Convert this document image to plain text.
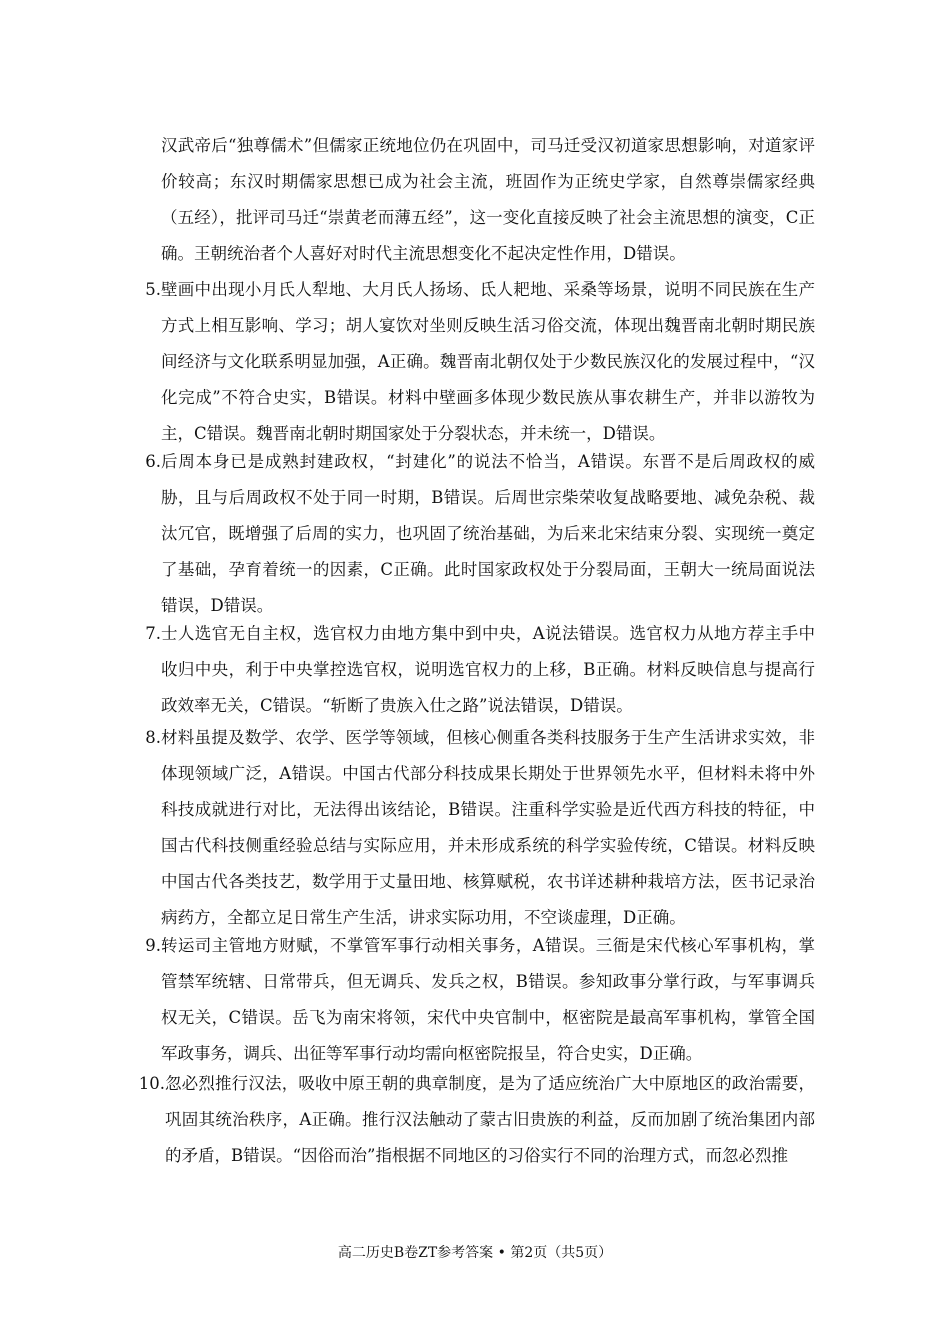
汉武帝后“独尊儒术”但儒家正统地位仍在巩固中，司马迁受汉初道家思想影响，对道家评价较高；东汉时期儒家思想已成为社会主流，班固作为正统史学家，自然尊崇儒家经典（五经），批评司马迁“崇黄老而薄五经”，这一变化直接反映了社会主流思想的演变，C正确。王朝统治者个人喜好对时代主流思想变化不起决定性作用，D错误。
5. 壁画中出现小月氏人犁地、大月氏人扬场、氐人耙地、采桑等场景，说明不同民族在生产方式上相互影响、学习；胡人宴饮对坐则反映生活习俗交流，体现出魏晋南北朝时期民族间经济与文化联系明显加强，A正确。魏晋南北朝仅处于少数民族汉化的发展过程中，“汉化完成”不符合史实，B错误。材料中壁画多体现少数民族从事农耕生产，并非以游牧为主，C错误。魏晋南北朝时期国家处于分裂状态，并未统一，D错误。
6. 后周本身已是成熟封建政权，“封建化”的说法不恰当，A错误。东晋不是后周政权的威胁，且与后周政权不处于同一时期，B错误。后周世宗柴荣收复战略要地、减免杂税、裁汰冗官，既增强了后周的实力，也巩固了统治基础，为后来北宋结束分裂、实现统一奠定了基础，孕育着统一的因素，C正确。此时国家政权处于分裂局面，王朝大一统局面说法错误，D错误。
7. 士人选官无自主权，选官权力由地方集中到中央，A说法错误。选官权力从地方荐主手中收归中央，利于中央掌控选官权，说明选官权力的上移，B正确。材料反映信息与提高行政效率无关，C错误。“斩断了贵族入仕之路”说法错误，D错误。
8. 材料虽提及数学、农学、医学等领域，但核心侧重各类科技服务于生产生活讲求实效，非体现领域广泛，A错误。中国古代部分科技成果长期处于世界领先水平，但材料未将中外科技成就进行对比，无法得出该结论，B错误。注重科学实验是近代西方科技的特征，中国古代科技侧重经验总结与实际应用，并未形成系统的科学实验传统，C错误。材料反映中国古代各类技艺，数学用于丈量田地、核算赋税，农书详述耕种栽培方法，医书记录治病药方，全都立足日常生产生活，讲求实际功用，不空谈虚理，D正确。
9. 转运司主管地方财赋，不掌管军事行动相关事务，A错误。三衙是宋代核心军事机构，掌管禁军统辖、日常带兵，但无调兵、发兵之权，B错误。参知政事分掌行政，与军事调兵权无关，C错误。岳飞为南宋将领，宋代中央官制中，枢密院是最高军事机构，掌管全国军政事务，调兵、出征等军事行动均需向枢密院报呈，符合史实，D正确。
10. 忽必烈推行汉法，吸收中原王朝的典章制度，是为了适应统治广大中原地区的政治需要，巩固其统治秩序，A正确。推行汉法触动了蒙古旧贵族的利益，反而加剧了统治集团内部的矛盾，B错误。“因俗而治”指根据不同地区的习俗实行不同的治理方式，而忽必烈推
高二历史B卷ZT参考答案 • 第2页（共5页）
